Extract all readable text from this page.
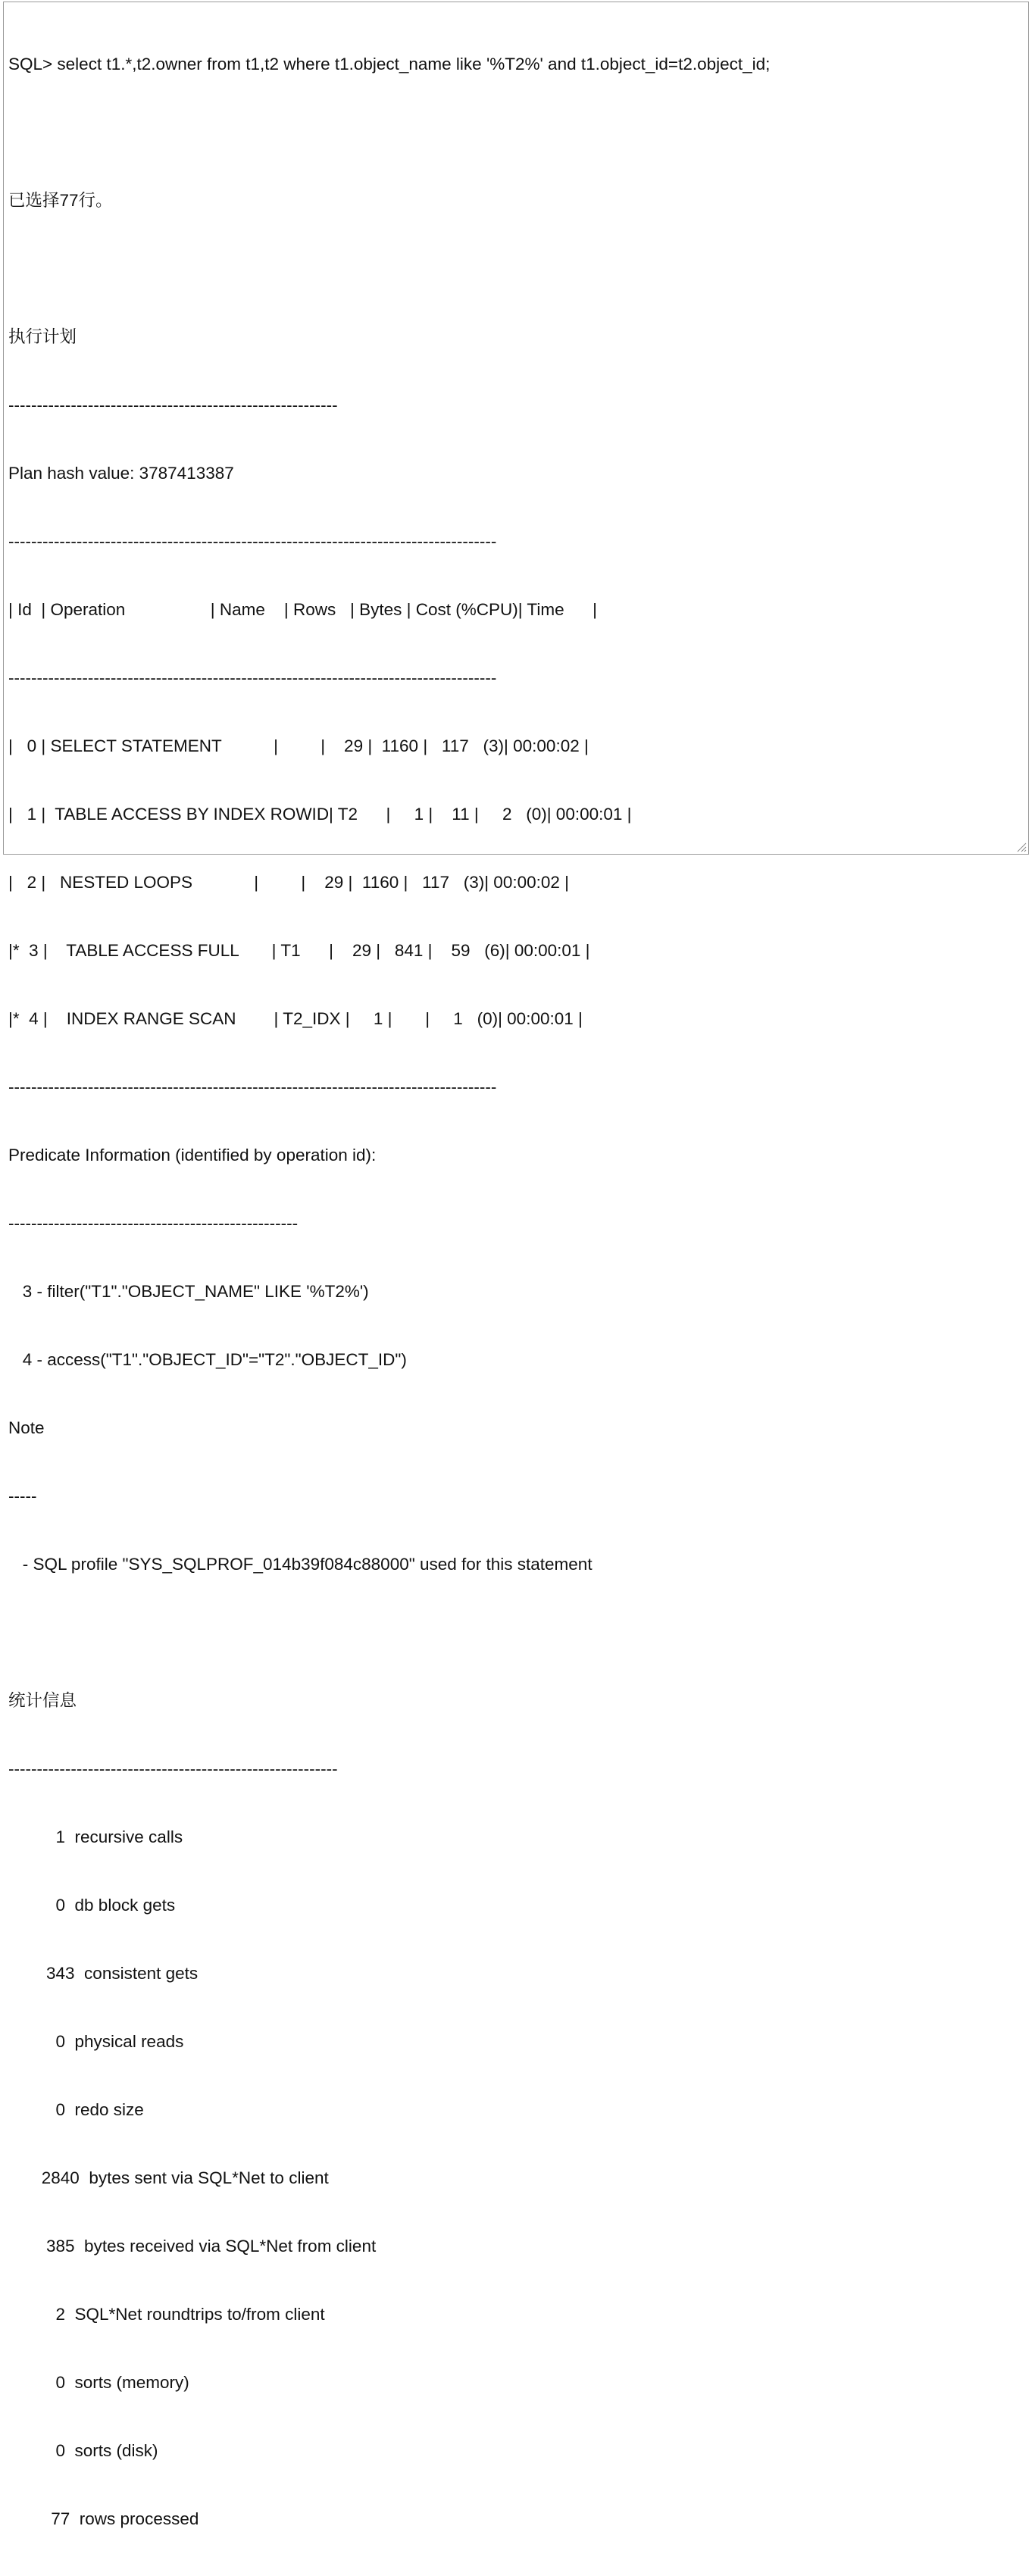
SQL> select t1.*,t2.owner from t1,t2 where t1.object_name like '%T2%' and t1.object_id=t2.object_id;

已选择77行。

执行计划

----------------------------------------------------------

Plan hash value: 3787413387

--------------------------------------------------------------------------------------

| Id  | Operation                  | Name    | Rows   | Bytes | Cost (%CPU)| Time      |

--------------------------------------------------------------------------------------

|   0 | SELECT STATEMENT           |         |    29 |  1160 |   117   (3)| 00:00:02 |

|   1 |  TABLE ACCESS BY INDEX ROWID| T2      |     1 |    11 |     2   (0)| 00:00:01 |

|   2 |   NESTED LOOPS             |         |    29 |  1160 |   117   (3)| 00:00:02 |

|*  3 |    TABLE ACCESS FULL       | T1      |    29 |   841 |    59   (6)| 00:00:01 |

|*  4 |    INDEX RANGE SCAN        | T2_IDX |     1 |       |     1   (0)| 00:00:01 |

--------------------------------------------------------------------------------------

Predicate Information (identified by operation id):

---------------------------------------------------

3 - filter("T1"."OBJECT_NAME" LIKE '%T2%')

4 - access("T1"."OBJECT_ID"="T2"."OBJECT_ID")

Note

-----

- SQL profile "SYS_SQLPROF_014b39f084c88000" used for this statement

统计信息

----------------------------------------------------------

1  recursive calls

0  db block gets

343  consistent gets

0  physical reads

0  redo size

2840  bytes sent via SQL*Net to client

385  bytes received via SQL*Net from client

2  SQL*Net roundtrips to/from client

0  sorts (memory)

0  sorts (disk)

77  rows processed
